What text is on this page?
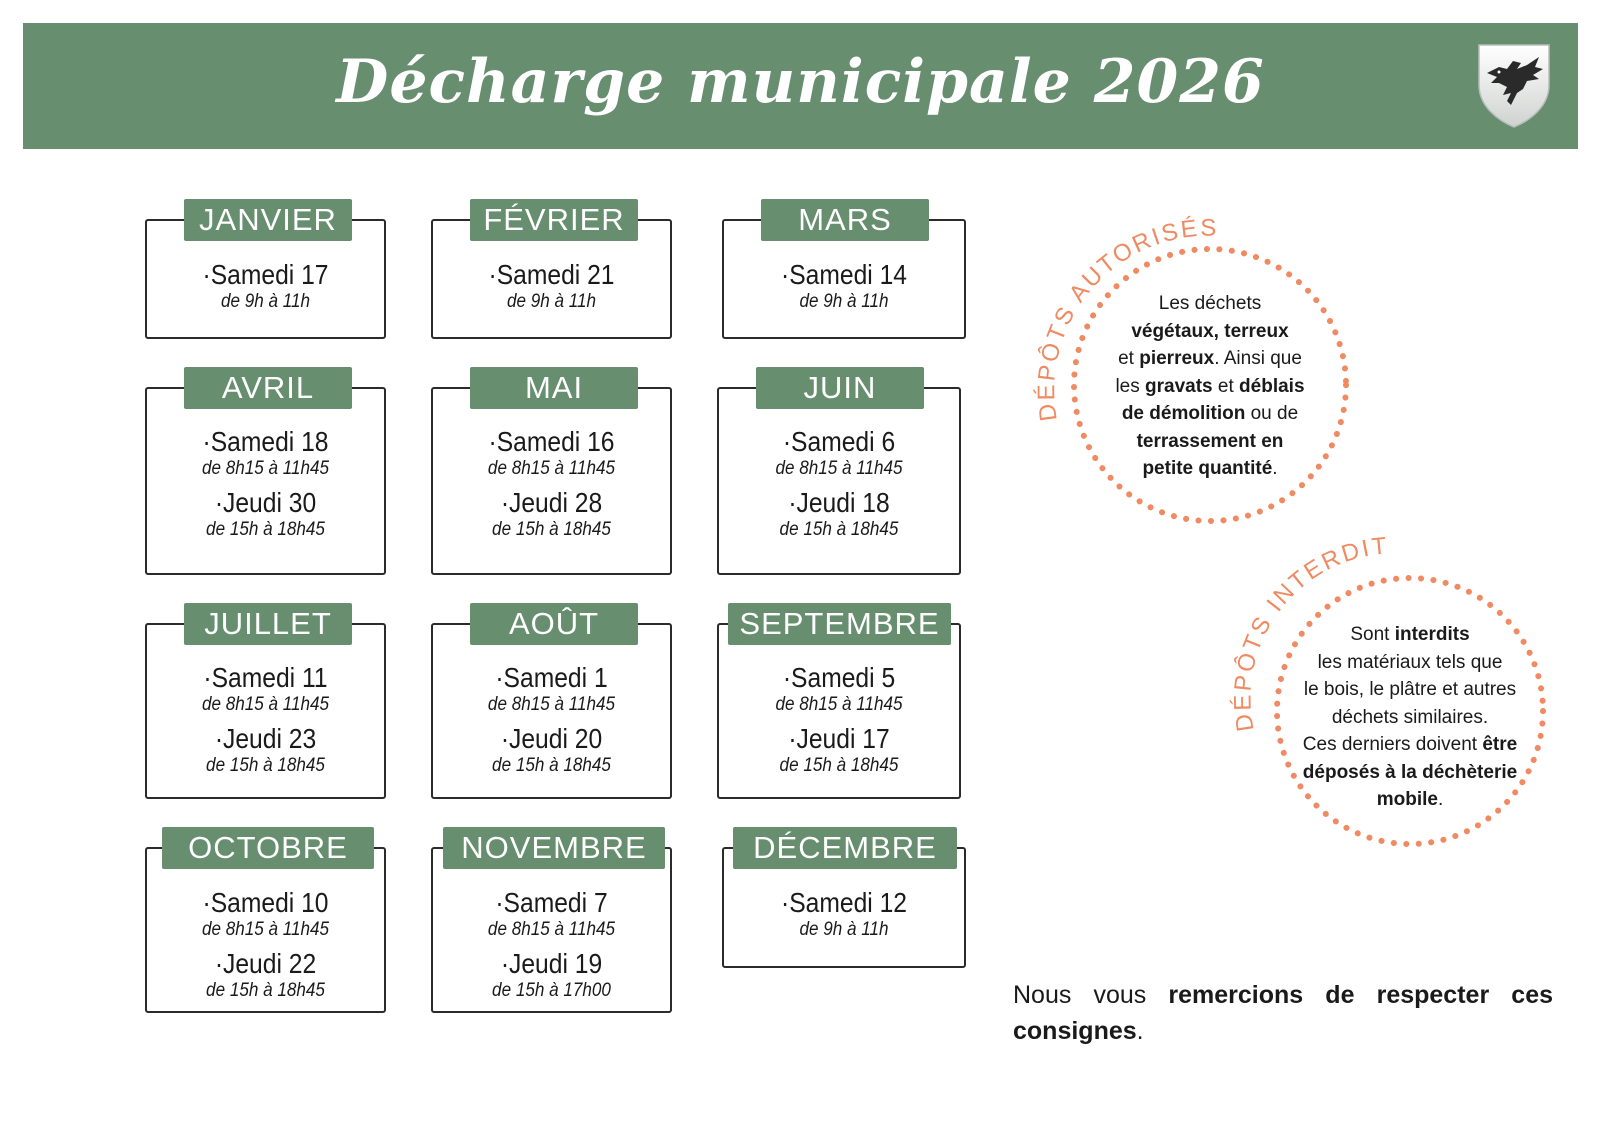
Décharge municipale 2026
JANVIER
·Samedi 17
de 9h à 11h
FÉVRIER
·Samedi 21
de 9h à 11h
MARS
·Samedi 14
de 9h à 11h
AVRIL
·Samedi 18
de 8h15 à 11h45
·Jeudi 30
de 15h à 18h45
MAI
·Samedi 16
de 8h15 à 11h45
·Jeudi 28
de 15h à 18h45
JUIN
·Samedi 6
de 8h15 à 11h45
·Jeudi 18
de 15h à 18h45
JUILLET
·Samedi 11
de 8h15 à 11h45
·Jeudi 23
de 15h à 18h45
AOÛT
·Samedi 1
de 8h15 à 11h45
·Jeudi 20
de 15h à 18h45
SEPTEMBRE
·Samedi 5
de 8h15 à 11h45
·Jeudi 17
de 15h à 18h45
OCTOBRE
·Samedi 10
de 8h15 à 11h45
·Jeudi 22
de 15h à 18h45
NOVEMBRE
·Samedi 7
de 8h15 à 11h45
·Jeudi 19
de 15h à 17h00
DÉCEMBRE
·Samedi 12
de 9h à 11h
DÉPÔTS AUTORISÉS
DÉPÔTS INTERDIT
Les déchets
végétaux, terreux
et pierreux. Ainsi que
les gravats et déblais
de démolition ou de
terrassement en
petite quantité.
Sont interdits
les matériaux tels que
le bois, le plâtre et autres
déchets similaires.
Ces derniers doivent être
déposés à la déchèterie
mobile.
Nous vous remercions de respecter ces consignes.
